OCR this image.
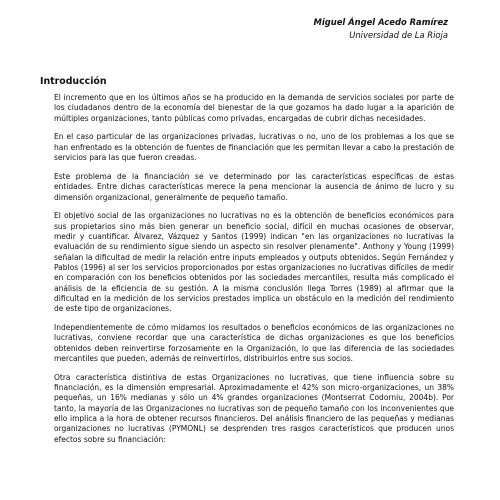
Miguel Ángel Acedo Ramírez
Universidad de La Rioja
Introducción

El incremento que en los últimos años se ha producido en la demanda de servicios sociales por parte de los ciudadanos dentro de la economía del bienestar de la que gozamos ha dado lugar a la aparición de múltiples organizaciones, tanto públicas como privadas, encargadas de cubrir dichas necesidades.

En el caso particular de las organizaciones privadas, lucrativas o no, uno de los problemas a los que se han enfrentado es la obtención de fuentes de financiación que les permitan llevar a cabo la prestación de servicios para las que fueron creadas.

Este problema de la financiación se ve determinado por las características específicas de estas entidades. Entre dichas características merece la pena mencionar la ausencia de ánimo de lucro y su dimensión organizacional, generalmente de pequeño tamaño.

El objetivo social de las organizaciones no lucrativas no es la obtención de beneficios económicos para sus propietarios sino más bien generar un beneficio social, difícil en muchas ocasiones de observar, medir y cuantificar. Álvarez, Vázquez y Santos (1999) indican "en las organizaciones no lucrativas la evaluación de su rendimiento sigue siendo un aspecto sin resolver plenamente". Anthony y Young (1999) señalan la dificultad de medir la relación entre inputs empleados y outputs obtenidos. Según Fernández y Pablos (1996) al ser los servicios proporcionados por estas organizaciones no lucrativas difíciles de medir en comparación con los beneficios obtenidos por las sociedades mercantiles, resulta más complicado el análisis de la eficiencia de su gestión. A la misma conclusión llega Torres (1989) al afirmar que la dificultad en la medición de los servicios prestados implica un obstáculo en la medición del rendimiento de este tipo de organizaciones.

Independientemente de cómo midamos los resultados o beneficios económicos de las organizaciones no lucrativas, conviene recordar que una característica de dichas organizaciones es que los beneficios obtenidos deben reinvertirse forzosamente en la Organización, lo que las diferencia de las sociedades mercantiles que pueden, además de reinvertirlos, distribuirlos entre sus socios.

Otra característica distintiva de estas Organizaciones no lucrativas, que tiene influencia sobre su financiación, es la dimensión empresarial. Aproximadamente el 42% son micro-organizaciones, un 38% pequeñas, un 16% medianas y sólo un 4% grandes organizaciones (Montserrat Codorniu, 2004b). Por tanto, la mayoría de las Organizaciones no lucrativas son de pequeño tamaño con los inconvenientes que ello implica a la hora de obtener recursos financieros. Del análisis financiero de las pequeñas y medianas organizaciones no lucrativas (PYMONL) se desprenden tres rasgos característicos que producen unos efectos sobre su financiación:
